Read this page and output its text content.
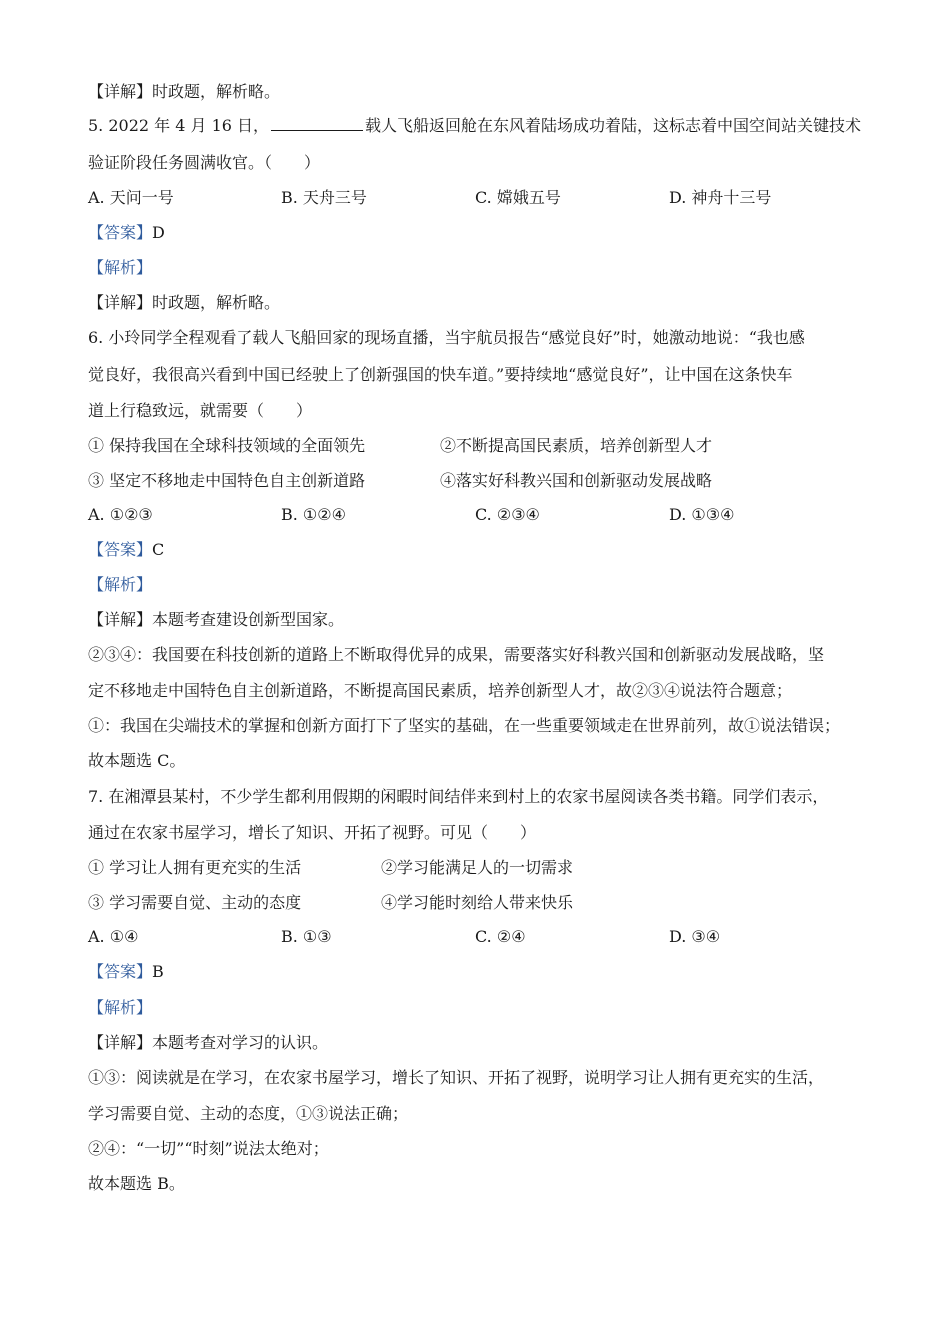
【详解】时政题，解析略。
5. 2022 年 4 月 16 日，	载人飞船返回舱在东风着陆场成功着陆，这标志着中国空间站关键技术
验证阶段任务圆满收官。（　　）
A. 天问一号	B. 天舟三号	C. 嫦娥五号	D. 神舟十三号
【答案】D
【解析】
【详解】时政题，解析略。
6. 小玲同学全程观看了载人飞船回家的现场直播，当宇航员报告“感觉良好”时，她激动地说：“我也感
觉良好，我很高兴看到中国已经驶上了创新强国的快车道。”要持续地“感觉良好”，让中国在这条快车
道上行稳致远，就需要（　　）
① 保持我国在全球科技领域的全面领先	②不断提高国民素质，培养创新型人才
③ 坚定不移地走中国特色自主创新道路	④落实好科教兴国和创新驱动发展战略
A. ①②③	B. ①②④	C. ②③④	D. ①③④
【答案】C
【解析】
【详解】本题考查建设创新型国家。
②③④：我国要在科技创新的道路上不断取得优异的成果，需要落实好科教兴国和创新驱动发展战略，坚
定不移地走中国特色自主创新道路，不断提高国民素质，培养创新型人才，故②③④说法符合题意；
①：我国在尖端技术的掌握和创新方面打下了坚实的基础，在一些重要领域走在世界前列，故①说法错误；
故本题选 C。
7. 在湘潭县某村，不少学生都利用假期的闲暇时间结伴来到村上的农家书屋阅读各类书籍。同学们表示，
通过在农家书屋学习，增长了知识、开拓了视野。可见（　　）
① 学习让人拥有更充实的生活	②学习能满足人的一切需求
③ 学习需要自觉、主动的态度	④学习能时刻给人带来快乐
A. ①④	B. ①③	C. ②④	D. ③④
【答案】B
【解析】
【详解】本题考查对学习的认识。
①③：阅读就是在学习，在农家书屋学习，增长了知识、开拓了视野，说明学习让人拥有更充实的生活，
学习需要自觉、主动的态度，①③说法正确；
②④：“一切”“时刻”说法太绝对；
故本题选 B。
